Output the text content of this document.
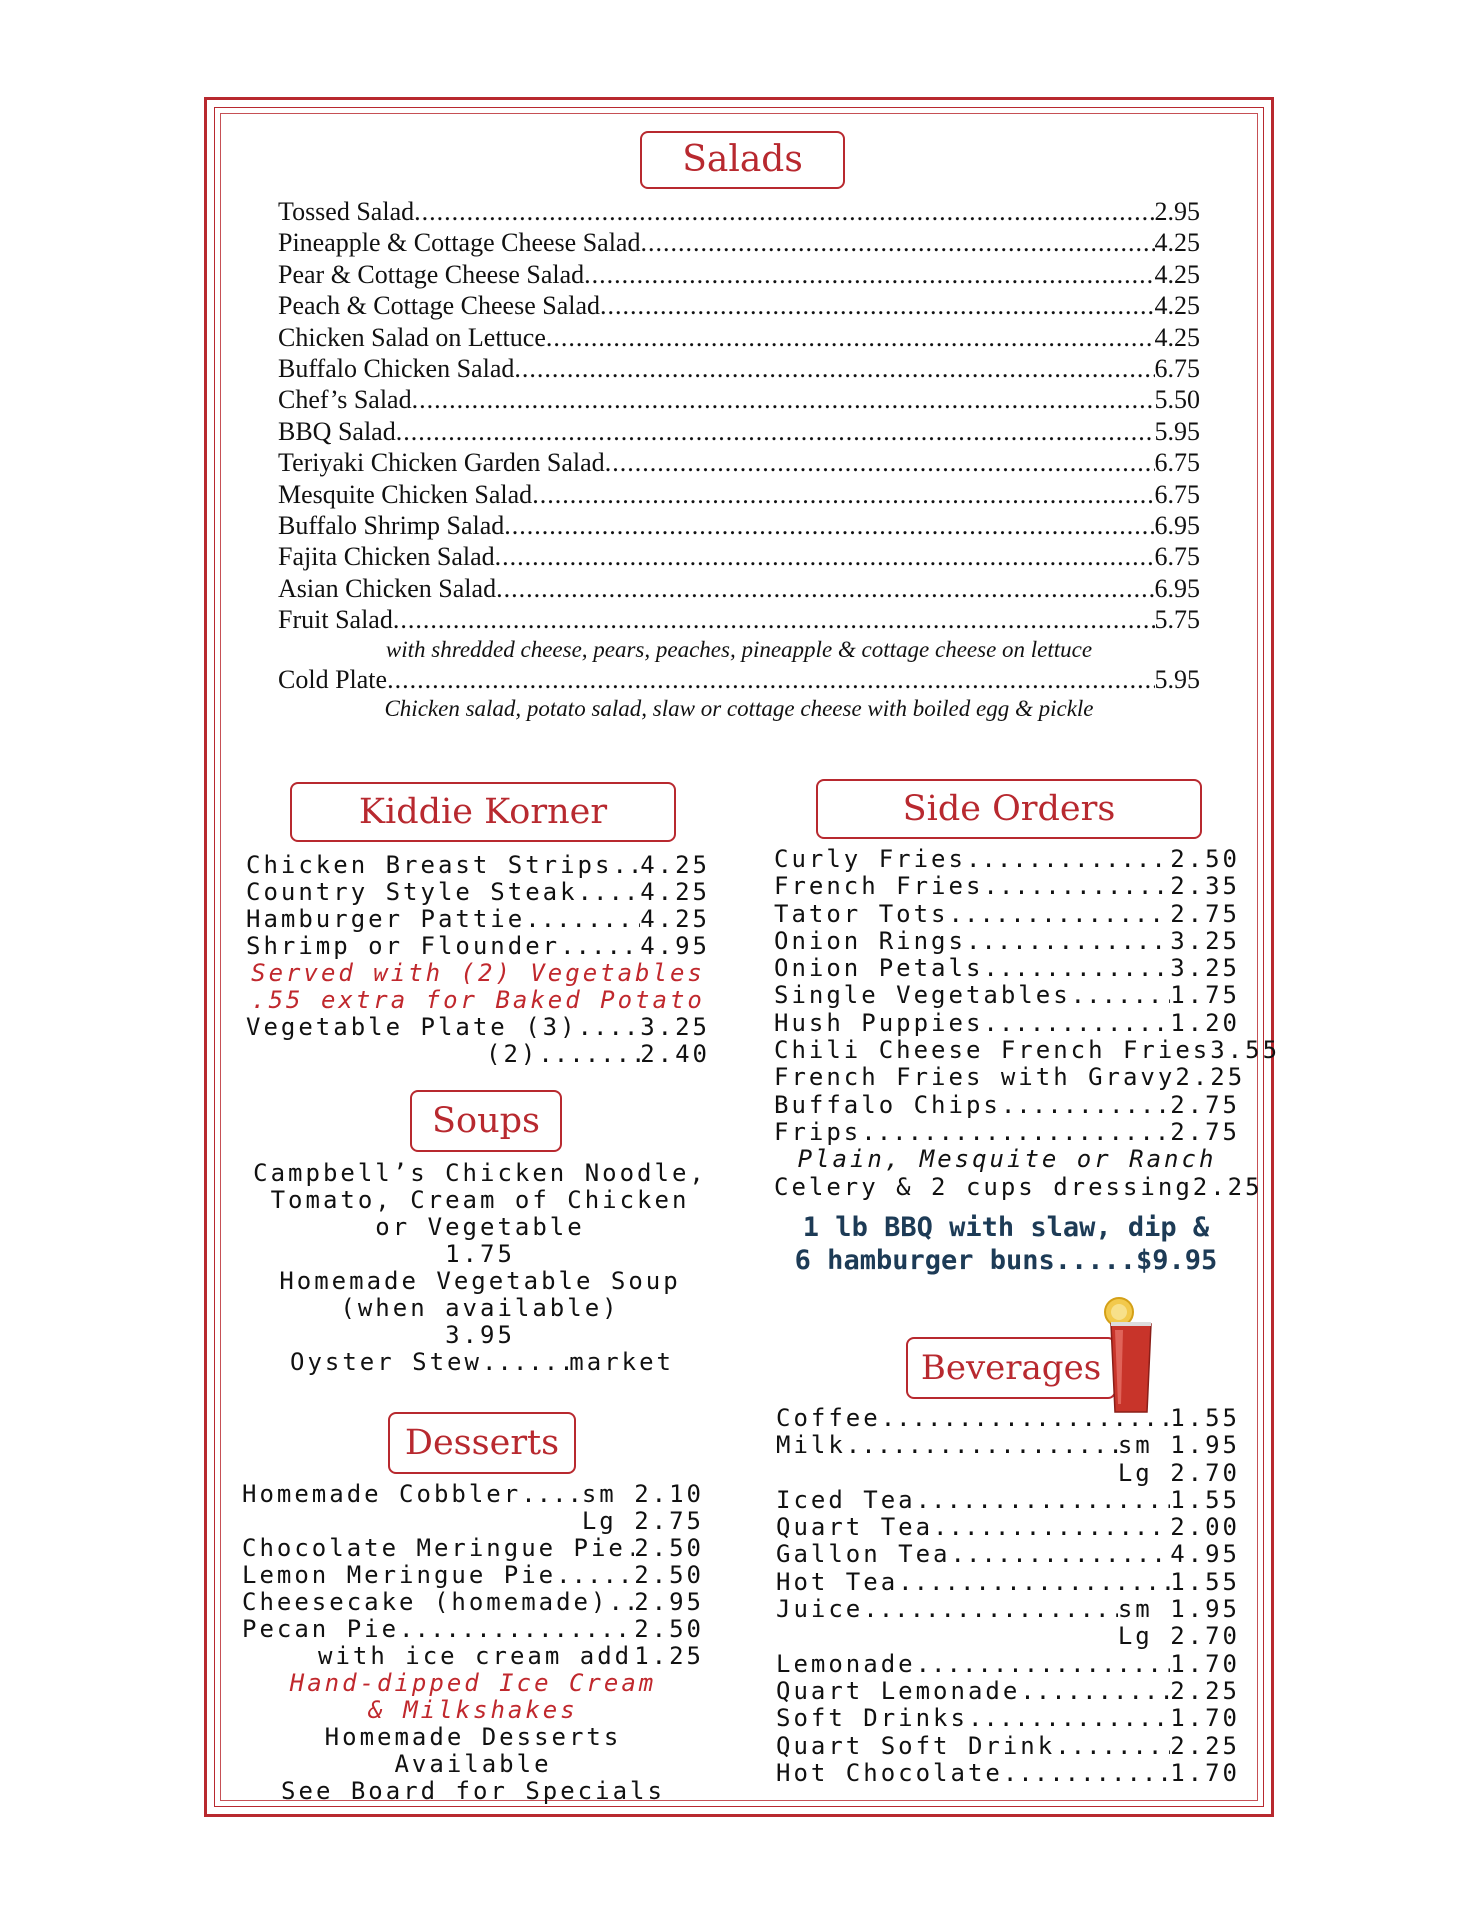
Salads
Tossed Salad .....	2.95
Pineapple & Cottage Cheese Salad .....	4.25
Pear & Cottage Cheese Salad .....	4.25
Peach & Cottage Cheese Salad .....	4.25
Chicken Salad on Lettuce .....	4.25
Buffalo Chicken Salad .....	6.75
Chef’s Salad .....	5.50
BBQ Salad .....	5.95
Teriyaki Chicken Garden Salad .....	6.75
Mesquite Chicken Salad .....	6.75
Buffalo Shrimp Salad .....	6.95
Fajita Chicken Salad .....	6.75
Asian Chicken Salad .....	6.95
Fruit Salad .....	5.75
with shredded cheese, pears, peaches, pineapple & cottage cheese on lettuce
Cold Plate .....	5.95
Chicken salad, potato salad, slaw or cottage cheese with boiled egg & pickle
Kiddie Korner
Chicken Breast Strips ..... 4.25
Country Style Steak .....	4.25
Hamburger Pattie .....	4.25
Shrimp or Flounder .....	4.95
Served with (2) Vegetables
.55 extra for Baked Potato
Vegetable Plate (3) .....	3.25
(2) .....	2.40
Soups
Campbell’s Chicken Noodle,
Tomato, Cream of Chicken
or Vegetable
1.75
Homemade Vegetable Soup
(when available)
3.95
Oyster Stew .....	market
Desserts
Homemade Cobbler .....	sm 2.10
Lg 2.75
Chocolate Meringue Pie ..... 2.50
Lemon Meringue Pie .....	2.50
Cheesecake (homemade) ..... 2.95
Pecan Pie .....	2.50
with ice cream add ..... 1.25
Hand-dipped Ice Cream
& Milkshakes
Homemade Desserts Available
See Board for Specials
Side Orders
Curly Fries .....	2.50
French Fries .....	2.35
Tator Tots .....	2.75
Onion Rings .....	3.25
Onion Petals .....	3.25
Single Vegetables .....	1.75
Hush Puppies .....	1.20
Chili Cheese French Fries 3.55
French Fries with Gravy 2.25
Buffalo Chips .....	2.75
Frips .....	2.75
Plain, Mesquite or Ranch
Celery & 2 cups dressing 2.25
1 lb BBQ with slaw, dip &
6 hamburger buns.....$9.95
Beverages
Coffee .....	1.55
Milk .....	sm 1.95
Lg 2.70
Iced Tea .....	1.55
Quart Tea .....	2.00
Gallon Tea .....	4.95
Hot Tea .....	1.55
Juice .....	sm 1.95
Lg 2.70
Lemonade .....	1.70
Quart Lemonade .....	2.25
Soft Drinks .....	1.70
Quart Soft Drink .....	2.25
Hot Chocolate .....	1.70
